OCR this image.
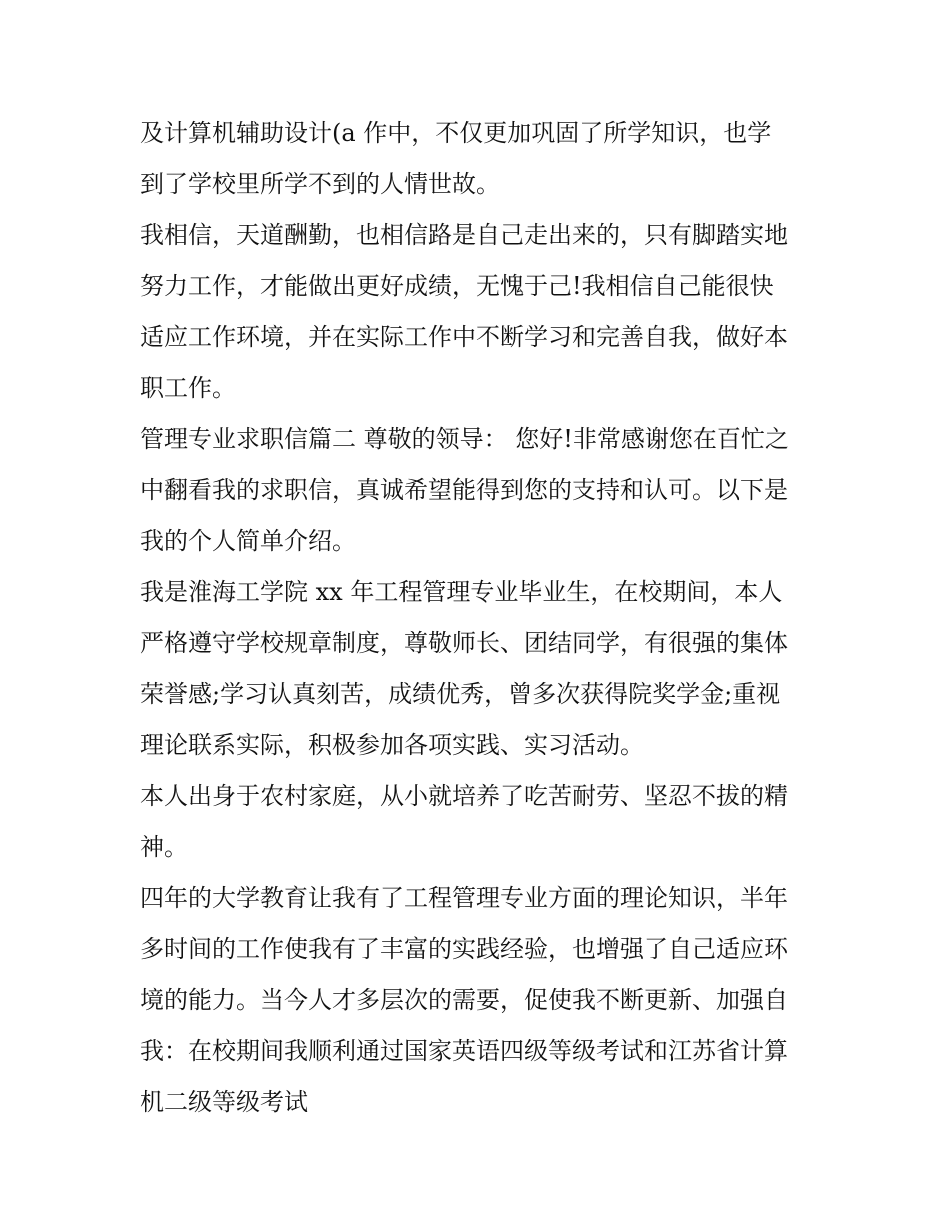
及计算机辅助设计(a 作中，不仅更加巩固了所学知识，也学
到了学校里所学不到的人情世故。
我相信，天道酬勤，也相信路是自己走出来的，只有脚踏实地
努力工作，才能做出更好成绩，无愧于己!我相信自己能很快
适应工作环境，并在实际工作中不断学习和完善自我，做好本
职工作。
管理专业求职信篇二 尊敬的领导： 您好!非常感谢您在百忙之
中翻看我的求职信，真诚希望能得到您的支持和认可。以下是
我的个人简单介绍。
我是淮海工学院 xx 年工程管理专业毕业生，在校期间，本人
严格遵守学校规章制度，尊敬师长、团结同学，有很强的集体
荣誉感;学习认真刻苦，成绩优秀，曾多次获得院奖学金;重视
理论联系实际，积极参加各项实践、实习活动。
本人出身于农村家庭，从小就培养了吃苦耐劳、坚忍不拔的精
神。
四年的大学教育让我有了工程管理专业方面的理论知识，半年
多时间的工作使我有了丰富的实践经验，也增强了自己适应环
境的能力。当今人才多层次的需要，促使我不断更新、加强自
我：在校期间我顺利通过国家英语四级等级考试和江苏省计算
机二级等级考试
